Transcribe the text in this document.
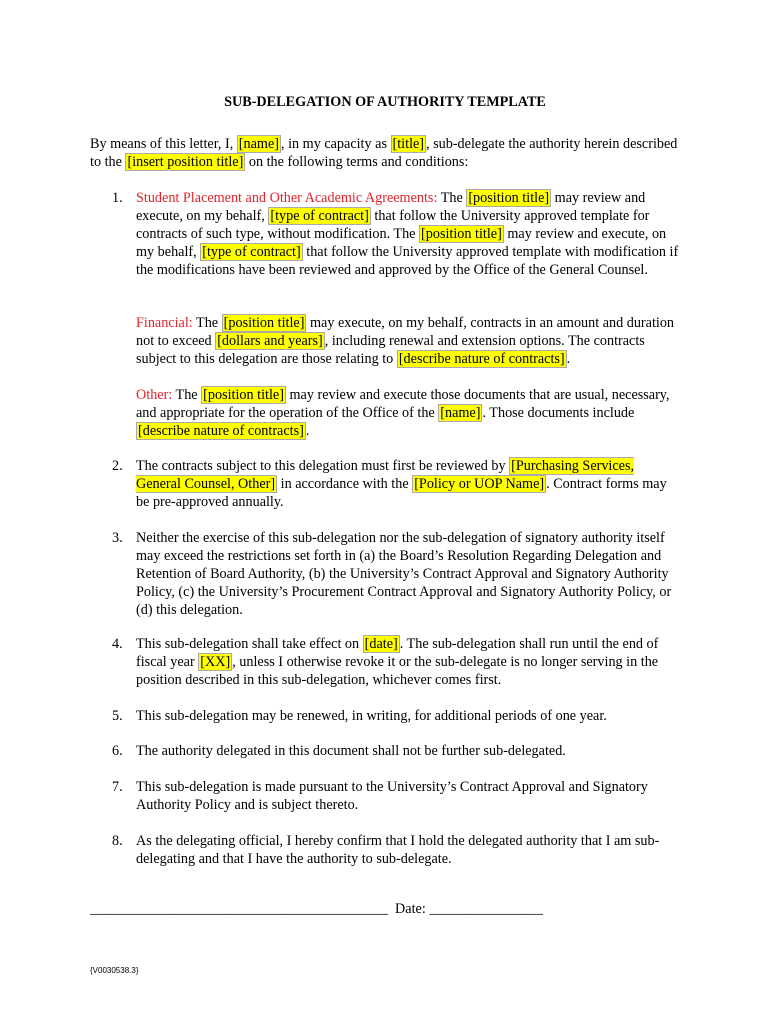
SUB-DELEGATION OF AUTHORITY TEMPLATE
By means of this letter, I, [name] , in my capacity as [title] , sub-delegate the authority herein described to the [insert position title] on the following terms and conditions:
1. Student Placement and Other Academic Agreements: The [position title] may review and execute, on my behalf, [type of contract] that follow the University approved template for contracts of such type, without modification. The [position title] may review and execute, on my behalf, [type of contract] that follow the University approved template with modification if the modifications have been reviewed and approved by the Office of the General Counsel.
Financial: The [position title] may execute, on my behalf, contracts in an amount and duration not to exceed [dollars and years] , including renewal and extension options. The contracts subject to this delegation are those relating to [describe nature of contracts] .
Other: The [position title] may review and execute those documents that are usual, necessary, and appropriate for the operation of the Office of the [name] . Those documents include [describe nature of contracts] .
2. The contracts subject to this delegation must first be reviewed by [Purchasing Services, General Counsel, Other] in accordance with the [Policy or UOP Name] . Contract forms may be pre-approved annually.
3. Neither the exercise of this sub-delegation nor the sub-delegation of signatory authority itself may exceed the restrictions set forth in (a) the Board’s Resolution Regarding Delegation and Retention of Board Authority, (b) the University’s Contract Approval and Signatory Authority Policy, (c) the University’s Procurement Contract Approval and Signatory Authority Policy, or (d) this delegation.
4. This sub-delegation shall take effect on [date] . The sub-delegation shall run until the end of fiscal year [XX] , unless I otherwise revoke it or the sub-delegate is no longer serving in the position described in this sub-delegation, whichever comes first.
5. This sub-delegation may be renewed, in writing, for additional periods of one year.
6. The authority delegated in this document shall not be further sub-delegated.
7. This sub-delegation is made pursuant to the University’s Contract Approval and Signatory Authority Policy and is subject thereto.
8. As the delegating official, I hereby confirm that I hold the delegated authority that I am sub-delegating and that I have the authority to sub-delegate.
__________________________________________  Date: ________________
{V0030538.3}
